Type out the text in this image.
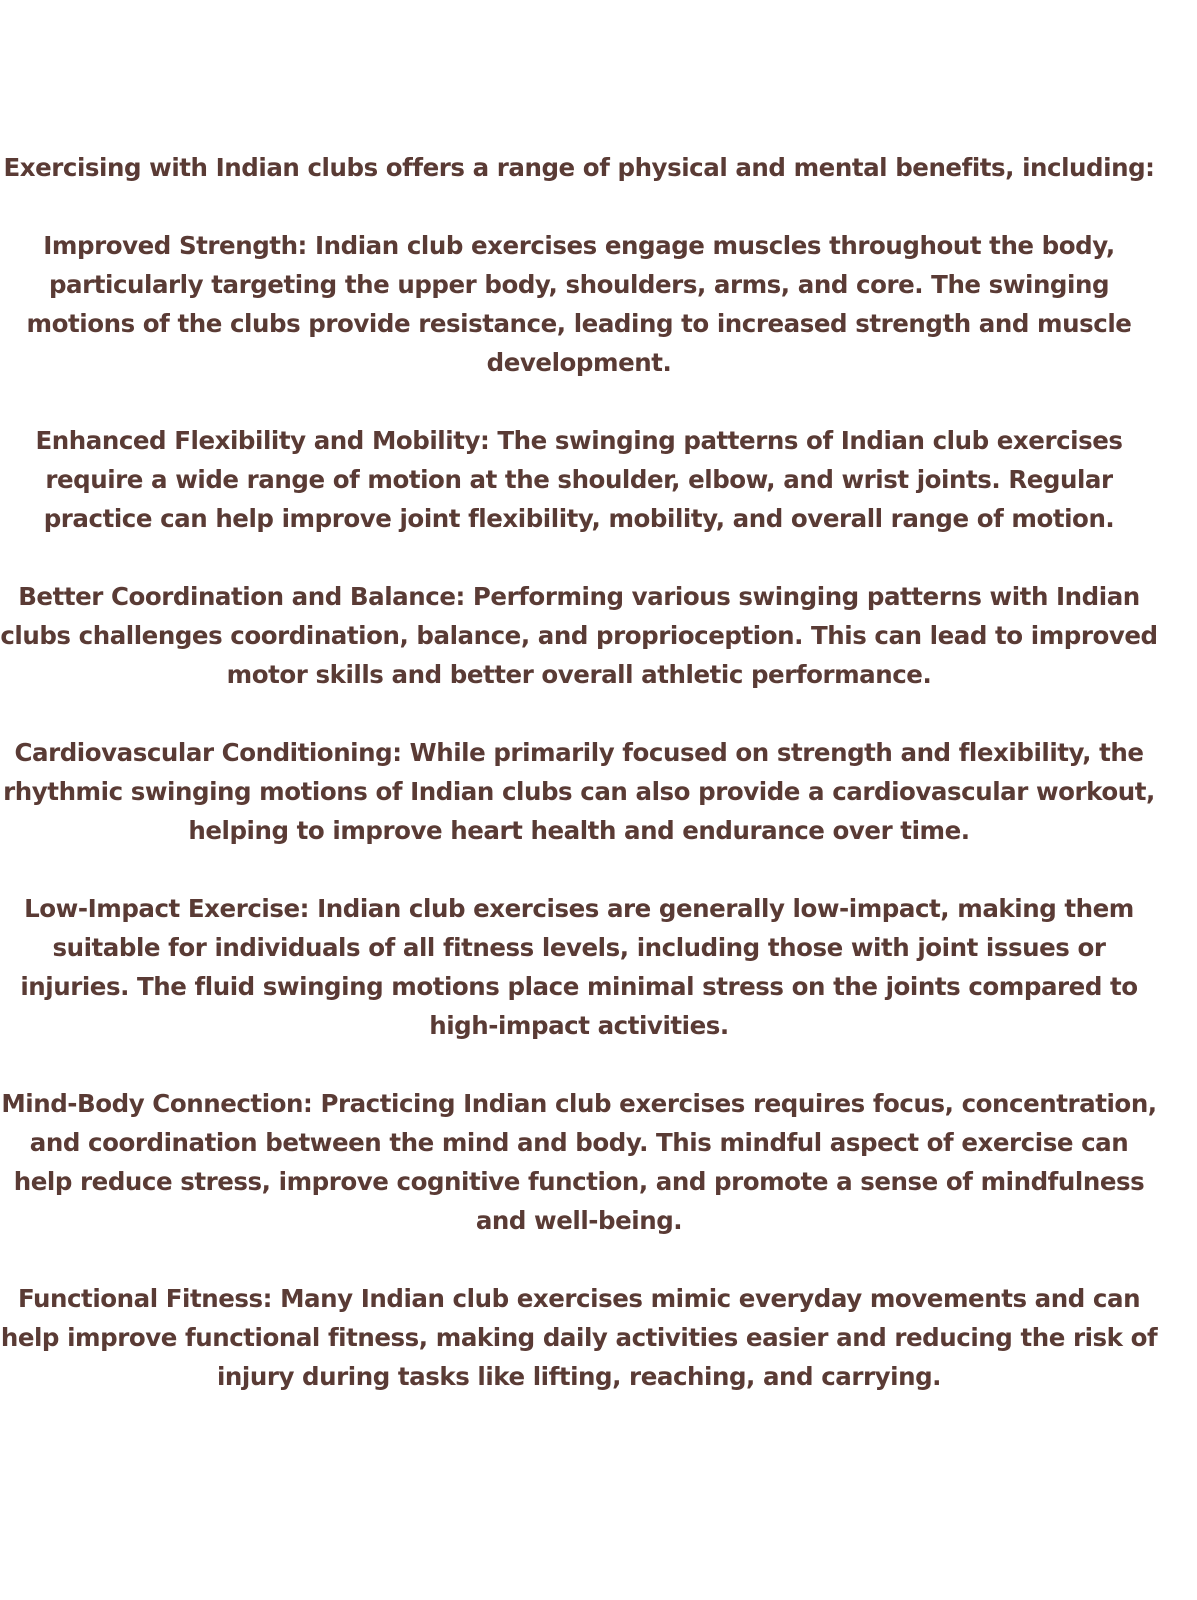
Exercising with Indian clubs offers a range of physical and mental benefits, including:

Improved Strength: Indian club exercises engage muscles throughout the body, particularly targeting the upper body, shoulders, arms, and core. The swinging motions of the clubs provide resistance, leading to increased strength and muscle development.

Enhanced Flexibility and Mobility: The swinging patterns of Indian club exercises require a wide range of motion at the shoulder, elbow, and wrist joints. Regular practice can help improve joint flexibility, mobility, and overall range of motion.

Better Coordination and Balance: Performing various swinging patterns with Indian clubs challenges coordination, balance, and proprioception. This can lead to improved motor skills and better overall athletic performance.

Cardiovascular Conditioning: While primarily focused on strength and flexibility, the rhythmic swinging motions of Indian clubs can also provide a cardiovascular workout, helping to improve heart health and endurance over time.

Low-Impact Exercise: Indian club exercises are generally low-impact, making them suitable for individuals of all fitness levels, including those with joint issues or injuries. The fluid swinging motions place minimal stress on the joints compared to high-impact activities.

Mind-Body Connection: Practicing Indian club exercises requires focus, concentration, and coordination between the mind and body. This mindful aspect of exercise can help reduce stress, improve cognitive function, and promote a sense of mindfulness and well-being.

Functional Fitness: Many Indian club exercises mimic everyday movements and can help improve functional fitness, making daily activities easier and reducing the risk of injury during tasks like lifting, reaching, and carrying.
